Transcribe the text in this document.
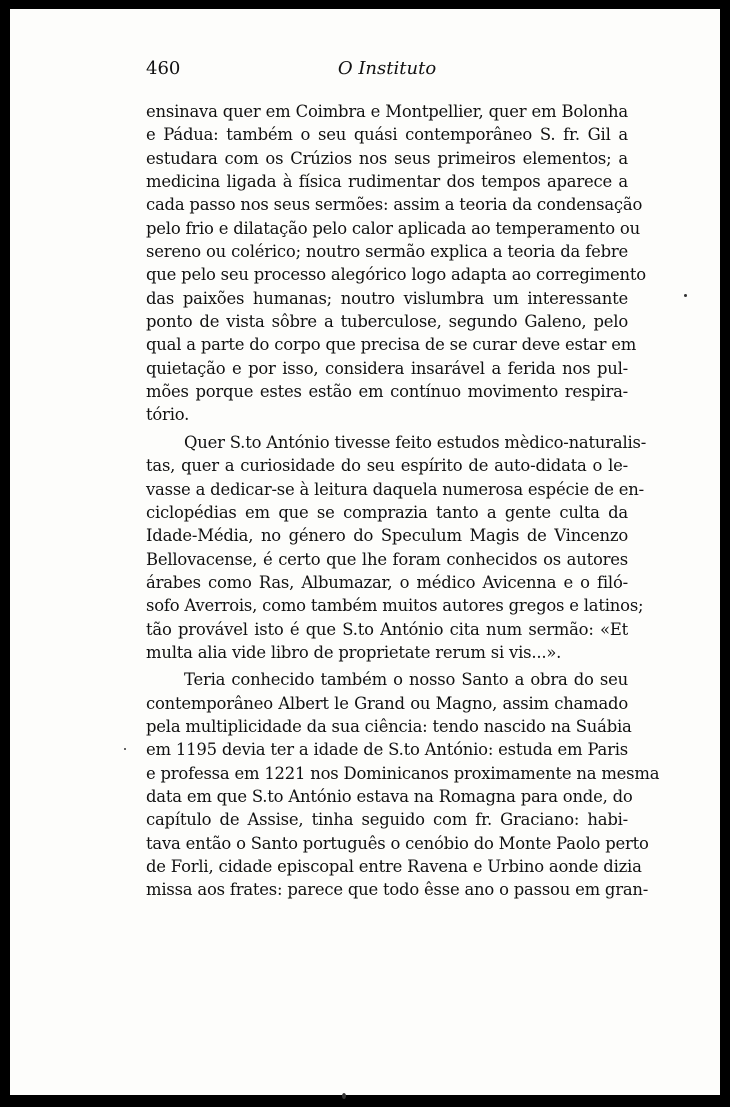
460	O Instituto
ensinava quer em Coimbra e Montpellier, quer em Bolonha
e Pádua: também o seu quási contemporâneo S. fr. Gil a
estudara com os Crúzios nos seus primeiros elementos; a
medicina ligada à física rudimentar dos tempos aparece a
cada passo nos seus sermões: assim a teoria da condensação
pelo frio e dilatação pelo calor aplicada ao temperamento ou
sereno ou colérico; noutro sermão explica a teoria da febre
que pelo seu processo alegórico logo adapta ao corregimento
das paixões humanas; noutro vislumbra um interessante
ponto de vista sôbre a tuberculose, segundo Galeno, pelo
qual a parte do corpo que precisa de se curar deve estar em
quietação e por isso, considera insarável a ferida nos pul-
mões porque estes estão em contínuo movimento respira-
tório.
Quer S.to António tivesse feito estudos mèdico-naturalis-
tas, quer a curiosidade do seu espírito de auto-didata o le-
vasse a dedicar-se à leitura daquela numerosa espécie de en-
ciclopédias em que se comprazia tanto a gente culta da
Idade-Média, no género do Speculum Magis de Vincenzo
Bellovacense, é certo que lhe foram conhecidos os autores
árabes como Ras, Albumazar, o médico Avicenna e o filó-
sofo Averrois, como também muitos autores gregos e latinos;
tão provável isto é que S.to António cita num sermão: «Et
multa alia vide libro de proprietate rerum si vis...».
Teria conhecido também o nosso Santo a obra do seu
contemporâneo Albert le Grand ou Magno, assim chamado
pela multiplicidade da sua ciência: tendo nascido na Suábia
em 1195 devia ter a idade de S.to António: estuda em Paris
e professa em 1221 nos Dominicanos proximamente na mesma
data em que S.to António estava na Romagna para onde, do
capítulo de Assise, tinha seguido com fr. Graciano: habi-
tava então o Santo português o cenóbio do Monte Paolo perto
de Forli, cidade episcopal entre Ravena e Urbino aonde dizia
missa aos frates: parece que todo êsse ano o passou em gran-
